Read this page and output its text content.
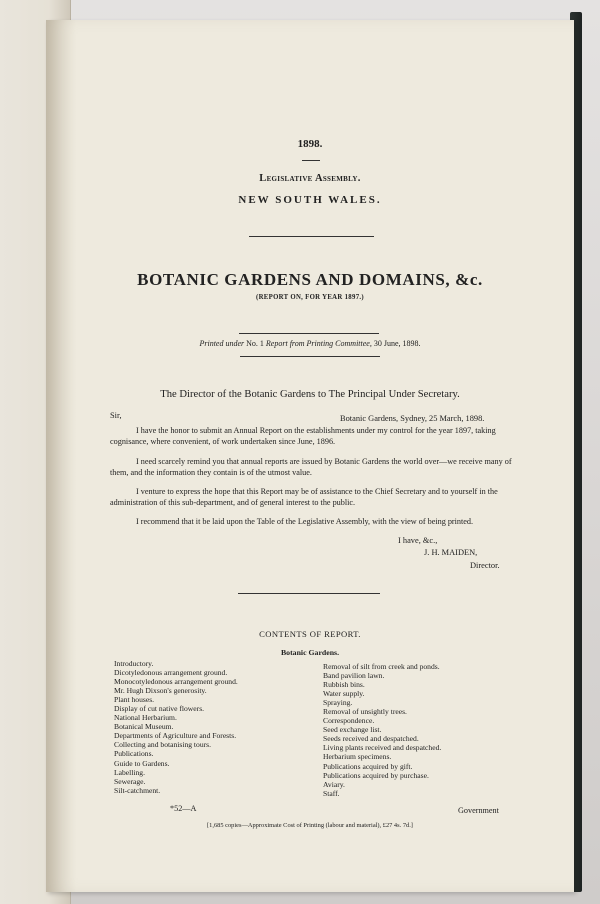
1898.
Legislative Assembly.
NEW SOUTH WALES.
BOTANIC GARDENS AND DOMAINS, &c.
(REPORT ON, FOR YEAR 1897.)
Printed under No. 1 Report from Printing Committee, 30 June, 1898.
The Director of the Botanic Gardens to The Principal Under Secretary.
Sir,	Botanic Gardens, Sydney, 25 March, 1898.
I have the honor to submit an Annual Report on the establishments under my control for the year 1897, taking cognisance, where convenient, of work undertaken since June, 1896.
I need scarcely remind you that annual reports are issued by Botanic Gardens the world over—we receive many of them, and the information they contain is of the utmost value.
I venture to express the hope that this Report may be of assistance to the Chief Secretary and to yourself in the administration of this sub-department, and of general interest to the public.
I recommend that it be laid upon the Table of the Legislative Assembly, with the view of being printed.
I have, &c.,
J. H. MAIDEN,
Director.
CONTENTS OF REPORT.
Botanic Gardens.
Introductory.
Dicotyledonous arrangement ground.
Monocotyledonous arrangement ground.
Mr. Hugh Dixson's generosity.
Plant houses.
Display of cut native flowers.
National Herbarium.
Botanical Museum.
Departments of Agriculture and Forests.
Collecting and botanising tours.
Publications.
Guide to Gardens.
Labelling.
Sewerage.
Silt-catchment.
Removal of silt from creek and ponds.
Band pavilion lawn.
Rubbish bins.
Water supply.
Spraying.
Removal of unsightly trees.
Correspondence.
Seed exchange list.
Seeds received and despatched.
Living plants received and despatched.
Herbarium specimens.
Publications acquired by gift.
Publications acquired by purchase.
Aviary.
Staff.
*52—A	Government
[1,685 copies—Approximate Cost of Printing (labour and material), £27 4s. 7d.]
